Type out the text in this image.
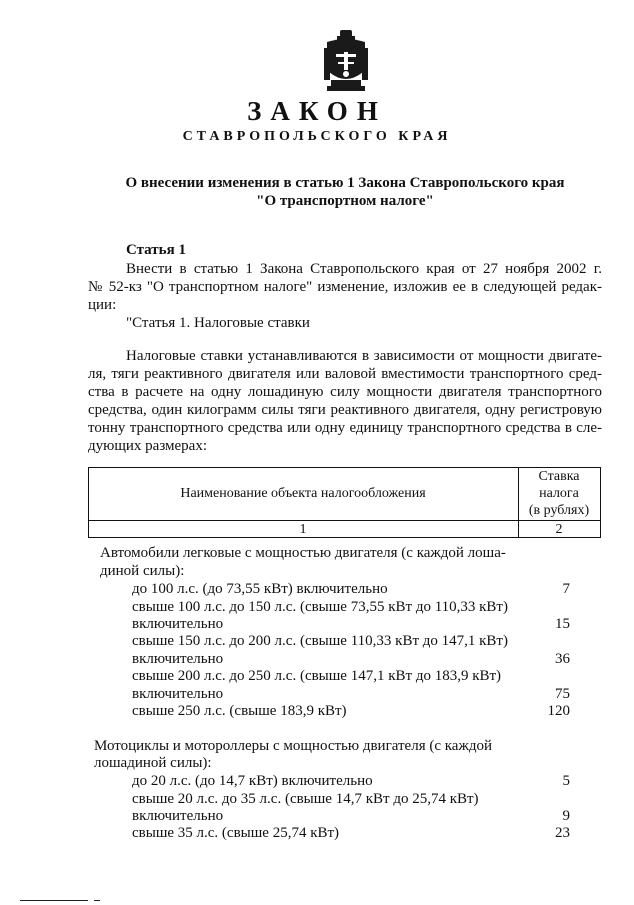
ЗАКОН
СТАВРОПОЛЬСКОГО КРАЯ
О внесении изменения в статью 1 Закона Ставропольского края
"О транспортном налоге"
Статья 1
Внести в статью 1 Закона Ставропольского края от 27 ноября 2002 г.
№ 52-кз "О транспортном налоге" изменение, изложив ее в следующей редак-
ции:
"Статья 1. Налоговые ставки
Налоговые ставки устанавливаются в зависимости от мощности двигате-
ля, тяги реактивного двигателя или валовой вместимости транспортного сред-
ства в расчете на одну лошадиную силу мощности двигателя транспортного
средства, один килограмм силы тяги реактивного двигателя, одну регистровую
тонну транспортного средства или одну единицу транспортного средства в сле-
дующих размерах:
Наименование объекта налогообложения
Ставка
налога
(в рублях)
1	2
Автомобили легковые с мощностью двигателя (с каждой лоша-
диной силы):
до 100 л.с. (до 73,55 кВт) включительно	7
свыше 100 л.с. до 150 л.с. (свыше 73,55 кВт до 110,33 кВт)
включительно	15
свыше 150 л.с. до 200 л.с. (свыше 110,33 кВт до 147,1 кВт)
включительно	36
свыше 200 л.с. до 250 л.с. (свыше 147,1 кВт до 183,9 кВт)
включительно	75
свыше 250 л.с. (свыше 183,9 кВт)	120
Мотоциклы и мотороллеры с мощностью двигателя (с каждой
лошадиной силы):
до 20 л.с. (до 14,7 кВт) включительно	5
свыше 20 л.с. до 35 л.с. (свыше 14,7 кВт до 25,74 кВт)
включительно	9
свыше 35 л.с. (свыше 25,74 кВт)	23
